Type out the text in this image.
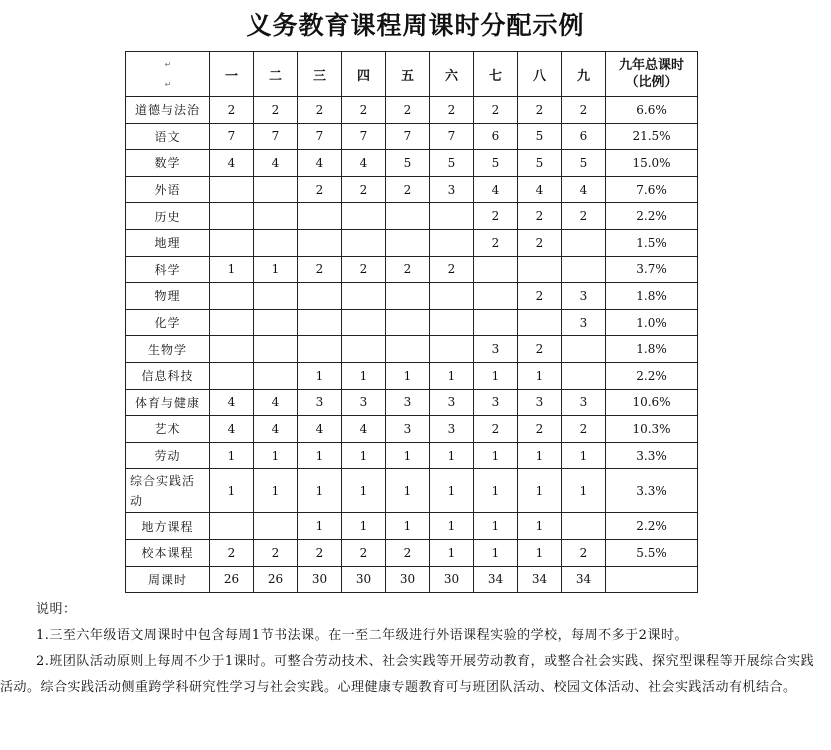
义务教育课程周课时分配示例
↵
↵	一	二	三	四	五	六	七	八	九	九年总课时
（比例）
道德与法治	2	2	2	2	2	2	2	2	2	6.6%
语文	7	7	7	7	7	7	6	5	6	21.5%
数学	4	4	4	4	5	5	5	5	5	15.0%
外语			2	2	2	3	4	4	4	7.6%
历史							2	2	2	2.2%
地理							2	2		1.5%
科学	1	1	2	2	2	2				3.7%
物理								2	3	1.8%
化学									3	1.0%
生物学							3	2		1.8%
信息科技			1	1	1	1	1	1		2.2%
体育与健康	4	4	3	3	3	3	3	3	3	10.6%
艺术	4	4	4	4	3	3	2	2	2	10.3%
劳动	1	1	1	1	1	1	1	1	1	3.3%
综合实践活动	1	1	1	1	1	1	1	1	1	3.3%
地方课程			1	1	1	1	1	1		2.2%
校本课程	2	2	2	2	2	1	1	1	2	5.5%
周课时	26	26	30	30	30	30	34	34	34	

说明：

1.三至六年级语文周课时中包含每周1节书法课。在一至二年级进行外语课程实验的学校，每周不多于2课时。

2.班团队活动原则上每周不少于1课时。可整合劳动技术、社会实践等开展劳动教育，或整合社会实践、探究型课程等开展综合实践活动。综合实践活动侧重跨学科研究性学习与社会实践。心理健康专题教育可与班团队活动、校园文体活动、社会实践活动有机结合。
